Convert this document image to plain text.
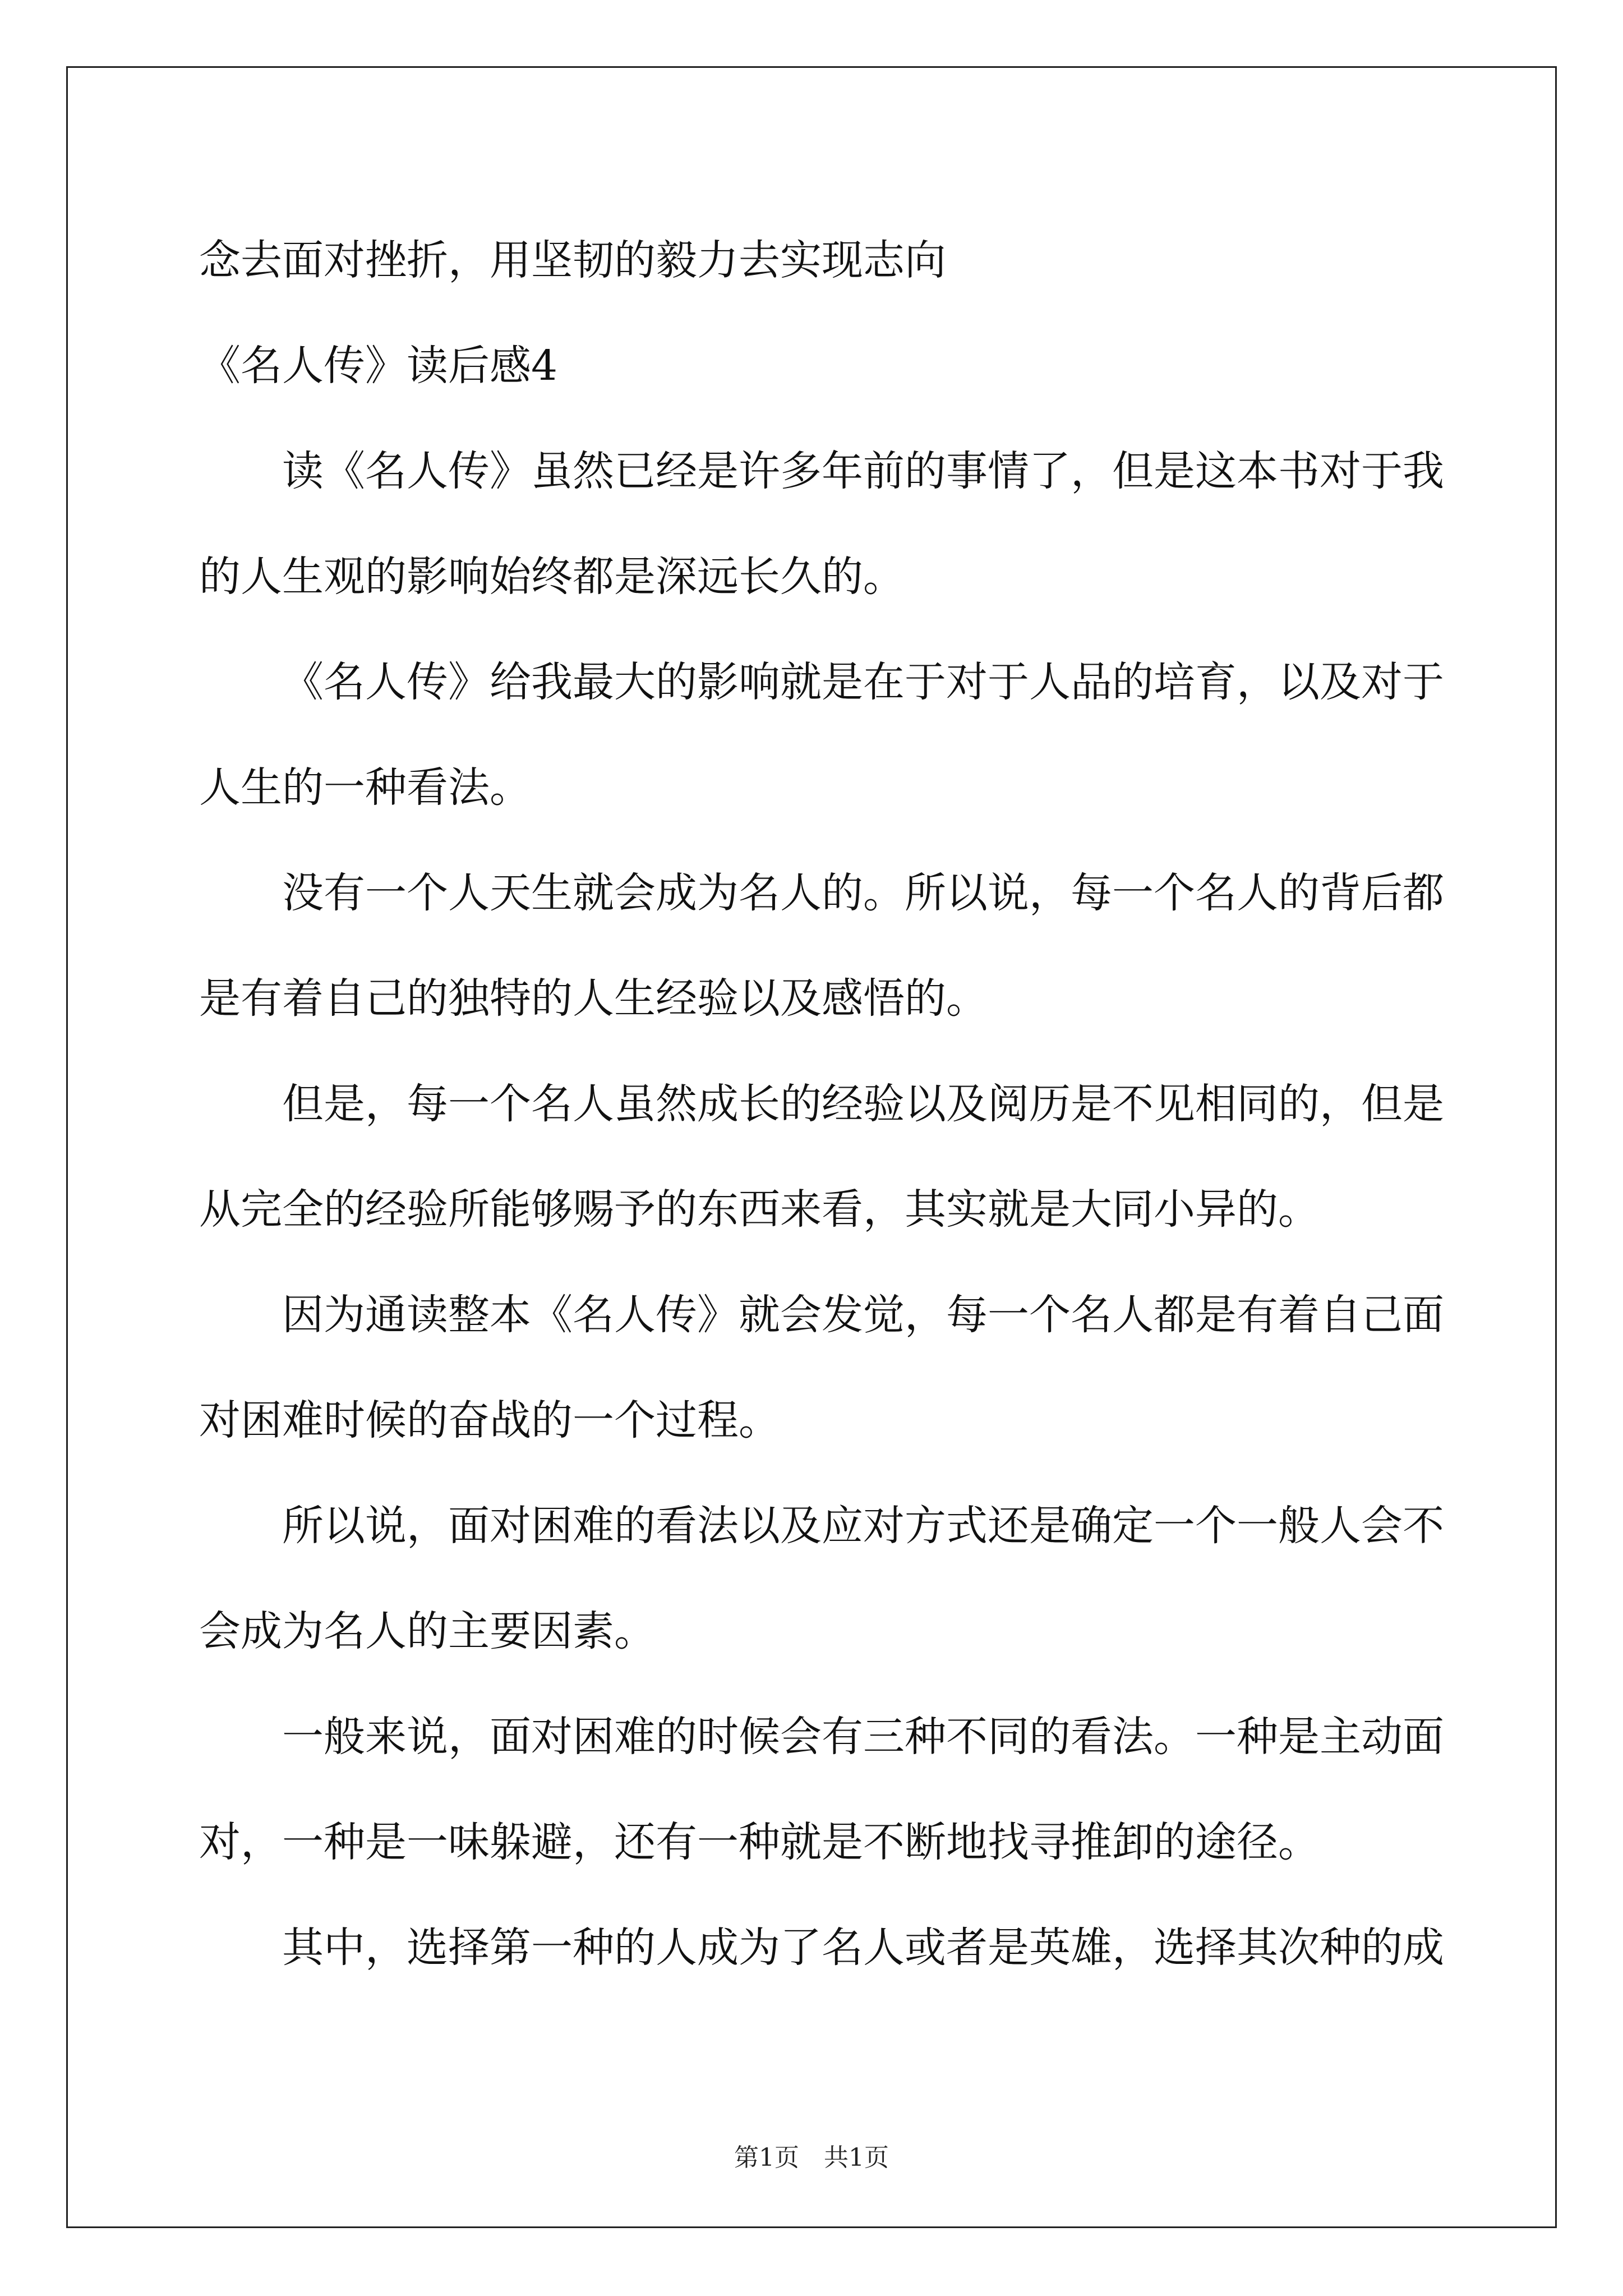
念去面对挫折，用坚韧的毅力去实现志向

《名人传》读后感4

读《名人传》虽然已经是许多年前的事情了，但是这本书对于我

的人生观的影响始终都是深远长久的。

《名人传》给我最大的影响就是在于对于人品的培育，以及对于

人生的一种看法。

没有一个人天生就会成为名人的。所以说，每一个名人的背后都

是有着自己的独特的人生经验以及感悟的。

但是，每一个名人虽然成长的经验以及阅历是不见相同的，但是

从完全的经验所能够赐予的东西来看，其实就是大同小异的。

因为通读整本《名人传》就会发觉，每一个名人都是有着自己面

对困难时候的奋战的一个过程。

所以说，面对困难的看法以及应对方式还是确定一个一般人会不

会成为名人的主要因素。

一般来说，面对困难的时候会有三种不同的看法。一种是主动面

对，一种是一味躲避，还有一种就是不断地找寻推卸的途径。

其中，选择第一种的人成为了名人或者是英雄，选择其次种的成

第1页　共1页
